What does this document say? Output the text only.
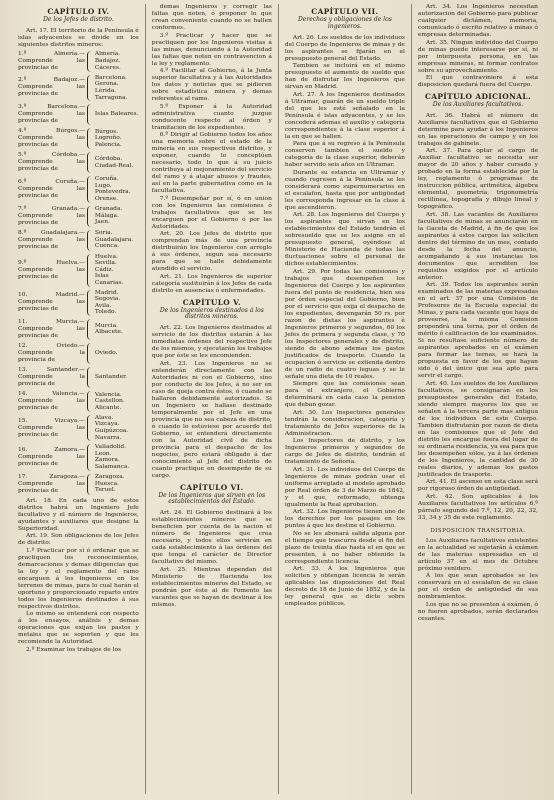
CAPÍTULO IV.
De los Jefes de distrito.

Art. 17. El territorio de la Península é islas adyacentes se divide en los siguientes distritos mineros:

1.º Almería.—Comprende las provincias de
Almería.
Badajoz.
Cáceres.
2.º Badajoz.—Comprende las provincias de
Barcelona.
Gerona.
Lérida.
Tarragona.
3.º Barcelona.—Comprende las provincias de
Islas Baleares.
4.º Búrgos.—Comprende las provincias de
Búrgos.
Logroño.
Palencia.
5.º Córdoba.—Comprende las provincias de
Córdoba.
Ciudad-Real.
6.º Coruña.—Comprende las provincias de
Coruña.
Lugo.
Pontevedra.
Orense.
7.º Granada.—Comprende las provincias de
Granada.
Málaga.
Jaen.
8.º Guadalajara.—Comprende las provincias de
Soria.
Guadalajara.
Cuenca.
9.º Huelva.—Comprende las provincias de
Huelva.
Sevilla.
Cádiz.
Islas Canarias.
10. Madrid.—Comprende las provincias de
Madrid.
Segovia.
Avila.
Toledo.
11. Murcia.—Comprende las provincias de
Murcia.
Albacete.
12. Oviedo.—Comprende la provincia de
Oviedo.
13. Santander.—Comprende la provincia de
Santander.
14. Valencia.—Comprende las provincias de
Valencia.
Castellon.
Alicante.
15. Vizcaya.—Comprende las provincias de
Alava.
Vizcaya.
Guipúzcoa.
Navarra.
16. Zamora.—Comprende las provincias de
Valladolid.
Leon.
Zamora.
Salamanca.
17. Zaragoza.—Comprende las provincias de
Zaragoza.
Huesca.
Teruel.

Art. 18. En cada uno de estos distritos habrá un Ingeniero Jefe facultativo y el número de Ingenieros, ayudantes y auxiliares que designe la Superioridad.

Art. 19. Son obligaciones de los Jefes de distrito:

1.º Practicar por sí ó ordenar que se practiquen los reconocimientos, demarcaciones y demas diligencias que la ley y el reglamento del ramo encarguen á los Ingenieros en los terrenos de minas, para lo cual harán el oportuno y proporcionado reparto entre todos los Ingenieros destinados á sus respectivos distritos.

Lo mismo se entenderá con respecto á los ensayos, análisis y demas operaciones que exijan los pastos y metales que se soporten y que les recomiende la Autoridad.

2.º Examinar los trabajos de los

demas Ingenieros y corregir las faltas que noten, ó proponer lo que crean conveniente cuando no se hallen conformes.

3.º Practicar y hacer que se practiquen por los Ingenieros visitas á las minas, denunciando á la Autoridad las faltas que noten en contravencion á la ley y reglamento.

4.º Facilitar al Gobierno, á la Junta superior facultativa y á las Autoridades los datos y noticias que se pidieren sobre estadística minera y demas referentes al ramo.

5.º Exponer á la Autoridad administrativa cuanto juzgue conducente respecto al órden y tramitacion de los expedientes.

6.º Dirigir al Gobierno todos los años una memoria sobre el estado de la minería en sus respectivos distritos, y exponer, cuando lo conceptúen necesario, todo lo que á su juicio contribuya al mejoramiento del servicio del ramo y á atajar abusos y fraudes, así en la parte gubernativa como en la facultativa.

7.º Desempeñar por sí, ó en union con los Ingenieros las comisiones ó trabajos facultativos que se les encarguen por el Gobierno ó por las Autoridades.

Art. 20. Los Jefes de distrito que comprendan más de una provincia distribuirán los Ingenieros con arreglo á sus órdenes, segun sea necesario para que se halle debidamente atendido el servicio.

Art. 21. Los Ingenieros de superior categoría sustituirán á los Jefes de cada distrito en ausencias ó enfermedades.

CAPÍTULO V.
De los Ingenieros destinados á los distritos mineros.

Art. 22. Los Ingenieros destinados al servicio de los distritos estarán á las inmediatas órdenes del respectivo Jefe de los mismos, y ejecutarán los trabajos que por éste se les encomienden.

Art. 23. Los Ingenieros no se entenderán directamente con las Autoridades ni con el Gobierno, sino por conducto de los Jefes, á no ser en caso de queja contra éstos, ó cuando se hallaren debidamente autorizados. Si un Ingeniero se hallase destinado temporalmente por el Jefe en una provincia que no sea cabeza de distrito, ó cuando lo estuviese por acuerdo del Gobierno, se entenderá directamente con la Autoridad civil de dicha provincia para el despacho de los negocios, pero estará obligado á dar conocimiento al Jefe del distrito de cuanto practique en desempeño de su cargo.

CAPÍTULO VI.
De los Ingenieros que sirven en los establecimientos del Estado.

Art. 24. El Gobierno destinará á los establecimientos mineros que se beneficien por cuenta de la nacion el número de Ingenieros que crea necesario, y todos ellos servirán en cada establecimiento á las órdenes del que tenga el carácter de Director facultativo del mismo.

Art. 25. Mientras dependan del Ministerio de Hacienda los establecimientos mineros del Estado, se pondrán por éste al de Fomento las vacantes que se hayan de destinar á los mismos.

CAPÍTULO VII.
Derechos y obligaciones de los ingenieros.

Art. 26. Los sueldos de los individuos del Cuerpo de Ingenieros de minas y de los aspirantes se fijarán en el presupuesto general del Estado.

Tambien se incluirá en el mismo presupuesto el aumento de sueldo que han de disfrutar los Ingenieros que sirvan en Madrid.

Art. 27. Á los Ingenieros destinados á Ultramar, guarán de un sueldo triple del que les esté señalado en la Península é islas adyacentes, y se les concederá ademas el auxilio y categoría correspondientes á la clase superior á la en que se hallen.

Para que á su regreso á la Península conserven tambien el sueldo y categoría de la clase superior, deberán haber servido seis años en Ultramar.

Durante su estancia en Ultramar y cuando regresen á la Península se les considerará como supernumerarios en el escalafon, hasta que por antigüedad les corresponda ingresar en la clase á que ascendieron.

Art. 28. Los Ingenieros del Cuerpo y los aspirantes que sirvan en los establecimientos del Estado tendrán el sobresueldo que se les asigne en el presupuesto general, oyéndose al Ministerio de Hacienda de todas las fluctuaciones sobre el personal de dichos establecimientos.

Art. 29. Por todas las comisiones y trabajos que desempeñen los Ingenieros del Cuerpo y los aspirantes fuera del punto de residencia, bien sea por órden especial del Gobierno, bien por el servicio que exija el despacho de los expedientes, devengarán 50 rs. por razon de dietas los aspirantes é Ingenieros primeros y segundos, 60 los Jefes de primera y segunda clase, y 70 los Inspectores generales y de distrito, siendo de abono ademas los gastos justificados de trasporte. Cuando la ocupacion ó servicio se extienda dentro de un radio de cuatro leguas y se le señale una dieta de 10 reales.

Siempre que las comisiones sean para el extranjero, el Gobierno determinará en cada caso la pension que deban gozar.

Art. 30. Los Inspectores generales tendrán la consideracion, categoría y tratamiento de Jefes superiores de la Administracion.

Los Inspectores de distrito, y los Ingenieros primeros y segundos de cargo de Jefes de distrito, tendrán el tratamiento de Señoría.

Art. 31. Los individuos del Cuerpo de Ingenieros de minas podrán usar el uniforme arreglado al modelo aprobado por Real órden de 3 de Marzo de 1842, y el que, reformado, obtenga igualmente la Real aprobacion.

Art. 32. Los Ingenieros tienen uno de los derechos por los pasajes en los puntos á que les destine el Gobierno.

No se les abonará salida alguna por el tiempo que trascurra desde el fin del plazo de treinta días hasta el en que se presenten, á no haber obtenido la correspondiente licencia.

Art. 33. Á los Ingenieros que soliciten y obtengan licencia le serán aplicables las disposiciones del Real decreto de 18 de Junio de 1852, y de la ley general que se dicte sobre empleados públicos.

Art. 34. Los Ingenieros necesitan autorizacion del Gobierno para publicar cualquier dictámen, memoria, comunicado ó escrito relativo á minas ó empresas determinadas.

Art. 35. Ningun individuo del Cuerpo de minas puede interesarse por sí, ni por interpuesta persona, en las empresas mineras, ni formar contratos sobre su aprovechamiento.

El que contraviniere á esta disposicion quedará fuera del Cuerpo.

CAPÍTULO ADICIONAL.
De los Auxiliares facultativos.

Art. 36. Habrá el número de Auxiliares facultativos que el Gobierno determine para ayudar á los Ingenieros en las operaciones de campo y en los trabajos de gabinete.

Art. 37. Para optar al cargo de Auxiliar facultativo se necesita ser mayor de 20 años y haber cursado y probado en la forma establecida por la ley, reglamento ó programas de instruccion pública, aritmética, álgebra elemental, geometría, trigonometría rectilínea, topografía y dibujo lineal y topográfico.

Art. 38. Las vacantes de Auxiliares facultativos de minas se anunciarán en la Gaceta de Madrid, á fin de que los aspirantes á estos cargos las soliciten dentro del término de un mes, contado desde la fecha del anuncio, acompañando á sus instancias los documentos que acrediten los requisitos exigidos por el artículo anterior.

Art. 39. Todos los aspirantes serán examinados de las materias expresadas en el art. 37 por una Comision de Profesores de la Escuela especial de Minas, y para cada vacante que haya de proveerse, la misma Comision propondrá una terna, por el órden de mérito ó calificacion de los examinados. Si no resultase suficiente número de aspirantes aprobados en el exámen para formar las ternas, se hará la propuesta en favor de los que hayan sido ó del único que sea apto para servir el cargo.

Art. 40. Los sueldos de los Auxiliares facultativos, se consignarán en los presupuestos generales del Estado, siendo siempre mayores los que se señalen á la tercera parte mas antigua de los individuos de este Cuerpo. Tambien disfrutarán por razon de dieta en las comisiones que el Jefe del distrito les encargue fuera del lugar de su ordinaria residencia, ya sea para que les desempeñen sólos, ya á las órdenes de los Ingenieros, la cantidad de 30 reales diarios, y ademas los gastos justificados de trasporte.

Art. 41. El ascenso en esta clase será por rigoroso órden de antigüedad.

Art. 42. Son aplicables á los Auxiliares facultativos los artículos 6.º párrafo segundo del 7.º, 12, 20, 22, 32, 33, 34 y 35 de este reglamento.

DISPOSICION TRANSITORIA.

Los Auxiliares facultativos existentes en la actualidad se sujetarán á exámen de las materias expresadas en el artículo 37 en el mes de Octubre próximo venidero.

Á los que sean aprobados se les conservará en el escalafon de su clase por el órden de antigüedad de sus nombramientos.

Los que no se presenten á exámen, ó no fueren aprobados, serán declarados cesantes.
